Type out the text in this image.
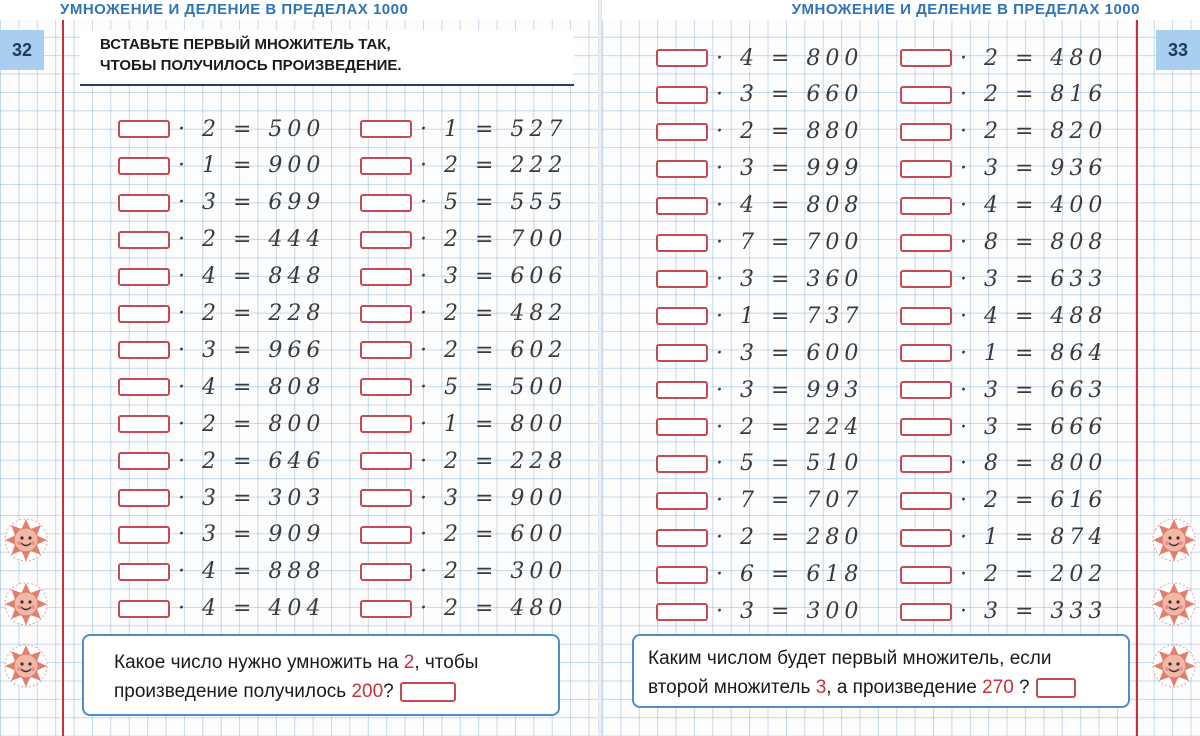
УМНОЖЕНИЕ И ДЕЛЕНИЕ В ПРЕДЕЛАХ 1000
32	ВСТАВЬТЕ ПЕРВЫЙ МНОЖИТЕЛЬ ТАК,
ЧТОБЫ ПОЛУЧИЛОСЬ ПРОИЗВЕДЕНИЕ.
· 2 = 500
· 1 = 900
· 3 = 699
· 2 = 444
· 4 = 848
· 2 = 228
· 3 = 966
· 4 = 808
· 2 = 800
· 2 = 646
· 3 = 303
· 3 = 909
· 4 = 888
· 4 = 404
· 1 = 527
· 2 = 222
· 5 = 555
· 2 = 700
· 3 = 606
· 2 = 482
· 2 = 602
· 5 = 500
· 1 = 800
· 2 = 228
· 3 = 900
· 2 = 600
· 2 = 300
· 2 = 480
Какое число нужно умножить на 2, чтобы
произведение получилось 200?
УМНОЖЕНИЕ И ДЕЛЕНИЕ В ПРЕДЕЛАХ 1000
33
· 4 = 800
· 3 = 660
· 2 = 880
· 3 = 999
· 4 = 808
· 7 = 700
· 3 = 360
· 1 = 737
· 3 = 600
· 3 = 993
· 2 = 224
· 5 = 510
· 7 = 707
· 2 = 280
· 6 = 618
· 3 = 300
· 2 = 480
· 2 = 816
· 2 = 820
· 3 = 936
· 4 = 400
· 8 = 808
· 3 = 633
· 4 = 488
· 1 = 864
· 3 = 663
· 3 = 666
· 8 = 800
· 2 = 616
· 1 = 874
· 2 = 202
· 3 = 333
Каким числом будет первый множитель, если
второй множитель 3, а произведение 270 ?
